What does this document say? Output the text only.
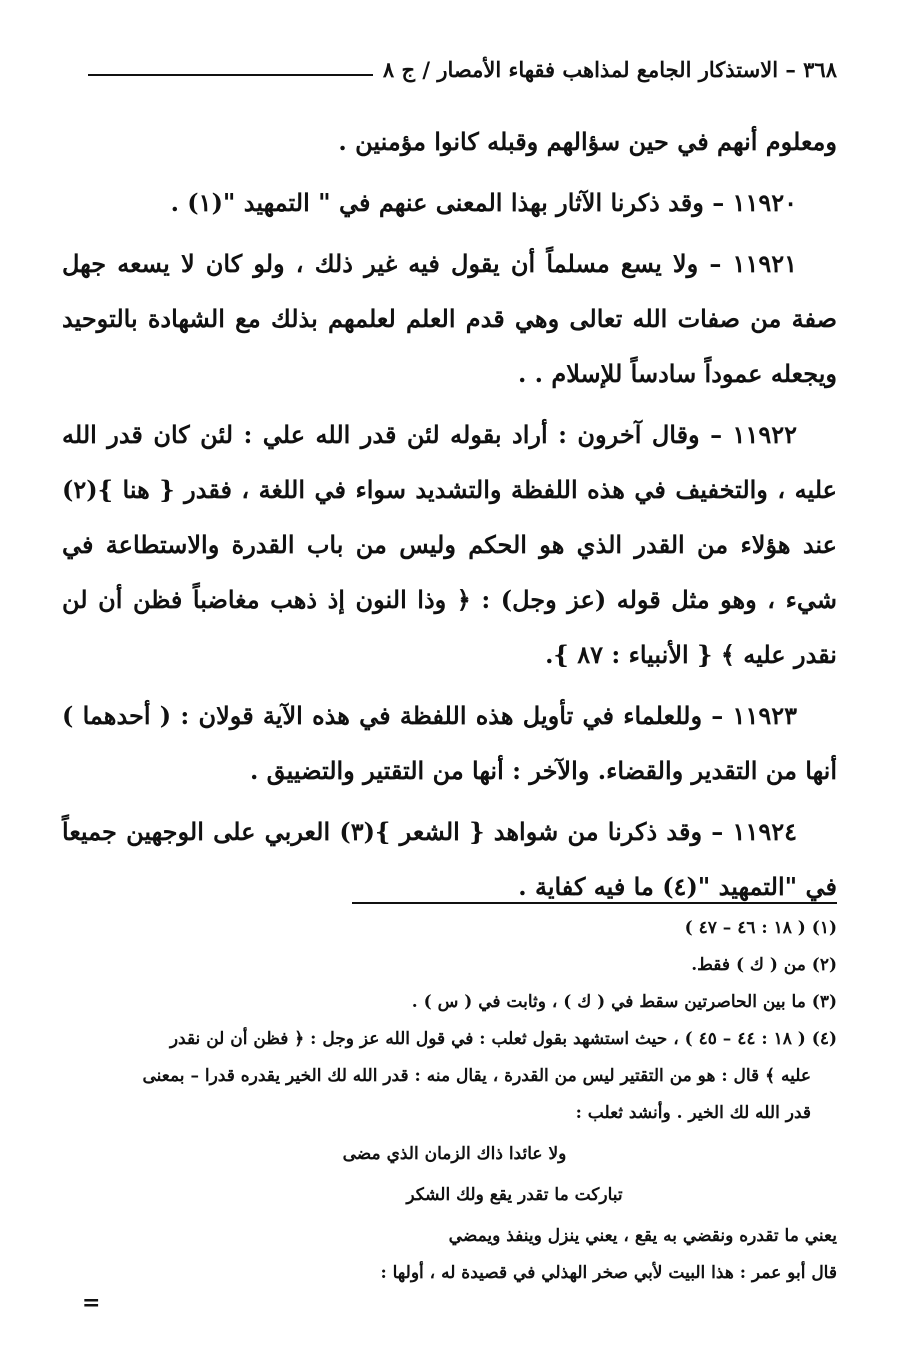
٣٦٨ – الاستذكار الجامع لمذاهب فقهاء الأمصار / ج ٨

ومعلوم أنهم في حين سؤالهم وقبله كانوا مؤمنين .

١١٩٢٠ – وقد ذكرنا الآثار بهذا المعنى عنهم في " التمهيد "(١) .

١١٩٢١ – ولا يسع مسلماً أن يقول فيه غير ذلك ، ولو كان لا يسعه جهل صفة من صفات الله تعالى وهي قدم العلم لعلمهم بذلك مع الشهادة بالتوحيد ويجعله عموداً سادساً للإسلام . .

١١٩٢٢ – وقال آخرون : أراد بقوله لئن قدر الله علي : لئن كان قدر الله عليه ، والتخفيف في هذه اللفظة والتشديد سواء في اللغة ، فقدر { هنا }(٢) عند هؤلاء من القدر الذي هو الحكم وليس من باب القدرة والاستطاعة في شيء ، وهو مثل قوله (عز وجل) : ﴿ وذا النون إذ ذهب مغاضباً فظن أن لن نقدر عليه ﴾ { الأنبياء : ٨٧ }.

١١٩٢٣ – وللعلماء في تأويل هذه اللفظة في هذه الآية قولان : ( أحدهما ) أنها من التقدير والقضاء. والآخر : أنها من التقتير والتضييق .

١١٩٢٤ – وقد ذكرنا من شواهد { الشعر }(٣) العربي على الوجهين جميعاً في "التمهيد "(٤) ما فيه كفاية .

(١) ( ١٨ : ٤٦ – ٤٧ )

(٢) من ( ك ) فقط.

(٣) ما بين الحاصرتين سقط في ( ك ) ، وثابت في ( س ) .

(٤) ( ١٨ : ٤٤ – ٤٥ ) ، حيث استشهد بقول ثعلب : في قول الله عز وجل : ﴿ فظن أن لن نقدر

عليه ﴾ قال : هو من التقتير ليس من القدرة ، يقال منه : قدر الله لك الخير يقدره قدرا – بمعنى

قدر الله لك الخير . وأنشد ثعلب :

ولا عائدا ذاك الزمان الذي مضى

تباركت ما تقدر يقع ولك الشكر

يعني ما تقدره ونقضي به يقع ، يعني ينزل وينفذ ويمضي

قال أبو عمر : هذا البيت لأبي صخر الهذلي في قصيدة له ، أولها :

=
